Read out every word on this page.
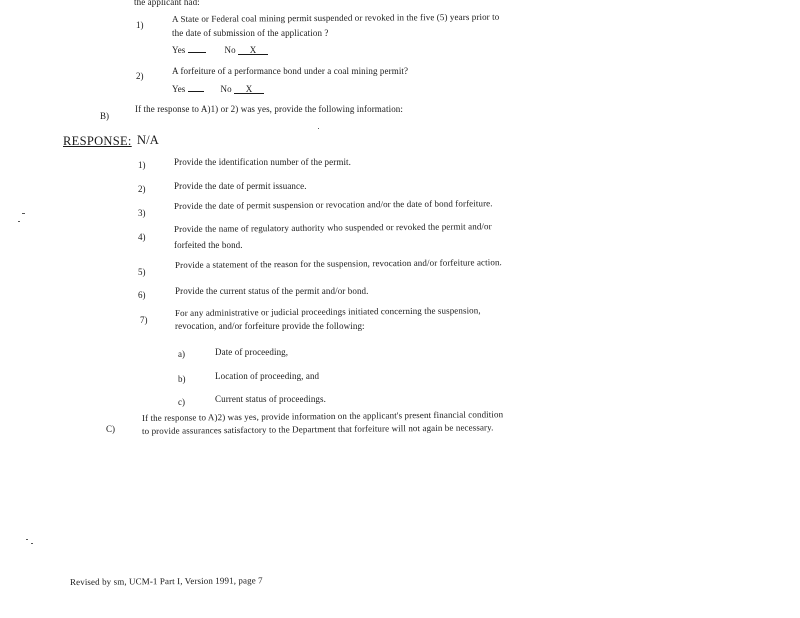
the applicant had:
1)
A State or Federal coal mining permit suspended or revoked in the five (5) years prior to
the date of submission of the application ?
Yes	No X
2)	A forfeiture of a performance bond under a coal mining permit?
Yes	No X
B)
If the response to A)1) or 2) was yes, provide the following information:
RESPONSE: N/A
1)	Provide the identification number of the permit.
2)	Provide the date of permit issuance.
3)
Provide the date of permit suspension or revocation and/or the date of bond forfeiture.
4)
Provide the name of regulatory authority who suspended or revoked the permit and/or
forfeited the bond.
5)
Provide a statement of the reason for the suspension, revocation and/or forfeiture action.
6)	Provide the current status of the permit and/or bond.
7)
For any administrative or judicial proceedings initiated concerning the suspension,
revocation, and/or forfeiture provide the following:
a)	Date of proceeding,
b)	Location of proceeding, and
c)	Current status of proceedings.
C)
If the response to A)2) was yes, provide information on the applicant's present financial condition
to provide assurances satisfactory to the Department that forfeiture will not again be necessary.
Revised by sm, UCM-1 Part I, Version 1991, page 7
